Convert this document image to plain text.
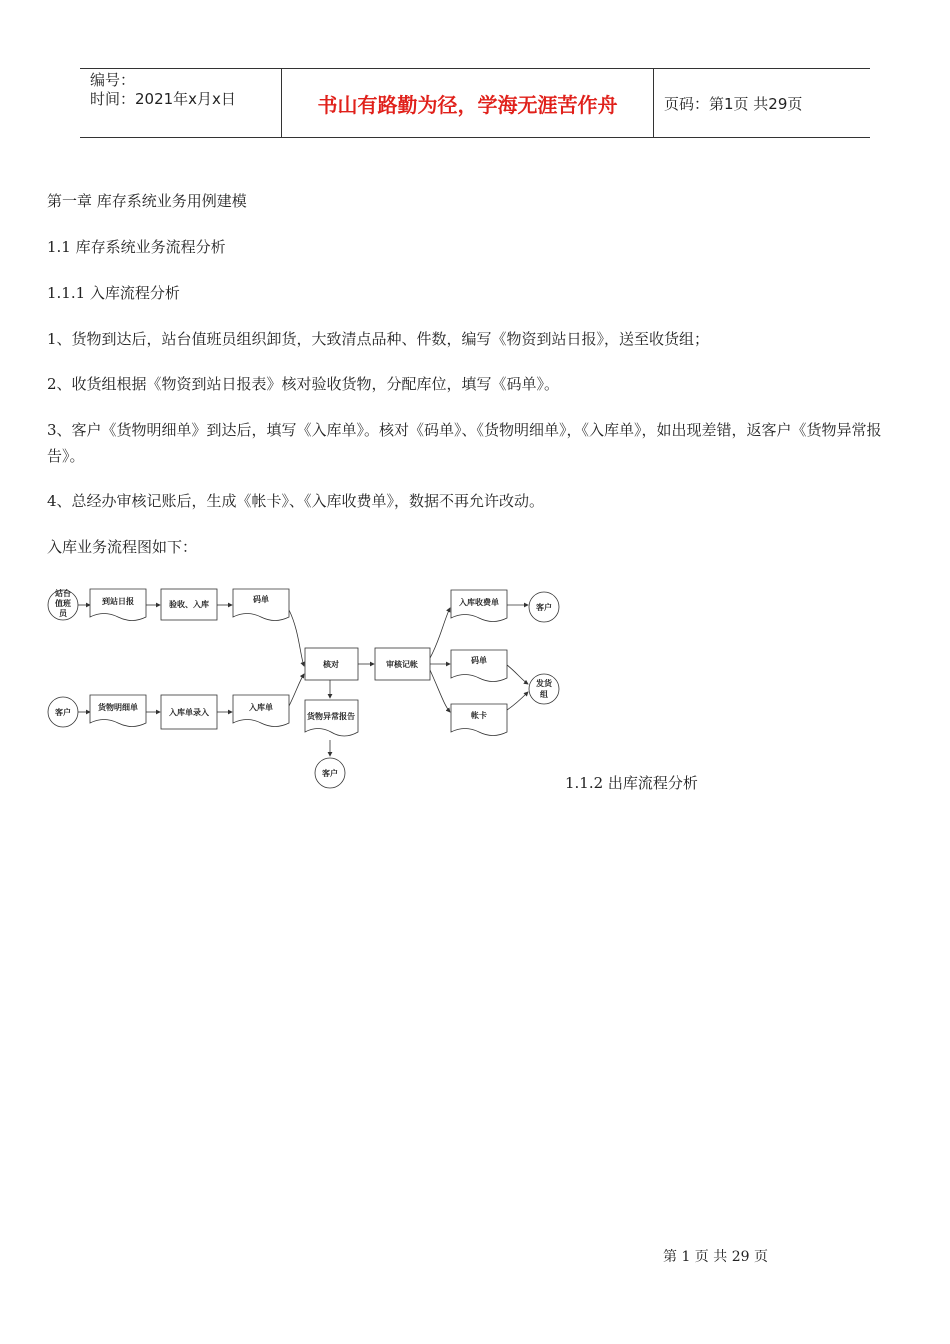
编号：
时间：2021年x月x日	书山有路勤为径，学海无涯苦作舟	页码：第1页 共29页
第一章 库存系统业务用例建模
1.1 库存系统业务流程分析
1.1.1 入库流程分析
1、货物到达后，站台值班员组织卸货，大致清点品种、件数，编写《物资到站日报》，送至收货组；
2、收货组根据《物资到站日报表》核对验收货物，分配库位，填写《码单》。
3、客户《货物明细单》到达后，填写《入库单》。核对《码单》、《货物明细单》，《入库单》，如出现差错，返客户《货物异常报告》。
4、总经办审核记账后，生成《帐卡》、《入库收费单》，数据不再允许改动。
入库业务流程图如下：
站台
值班
员
到站日报	验收、入库
码单
客户
货物明细单
入库单录入
入库单
核对
货物异常报告
客户
审核记帐
入库收费单
客户
码单
帐卡
发货
组
1.1.2 出库流程分析
第 1 页 共 29 页
